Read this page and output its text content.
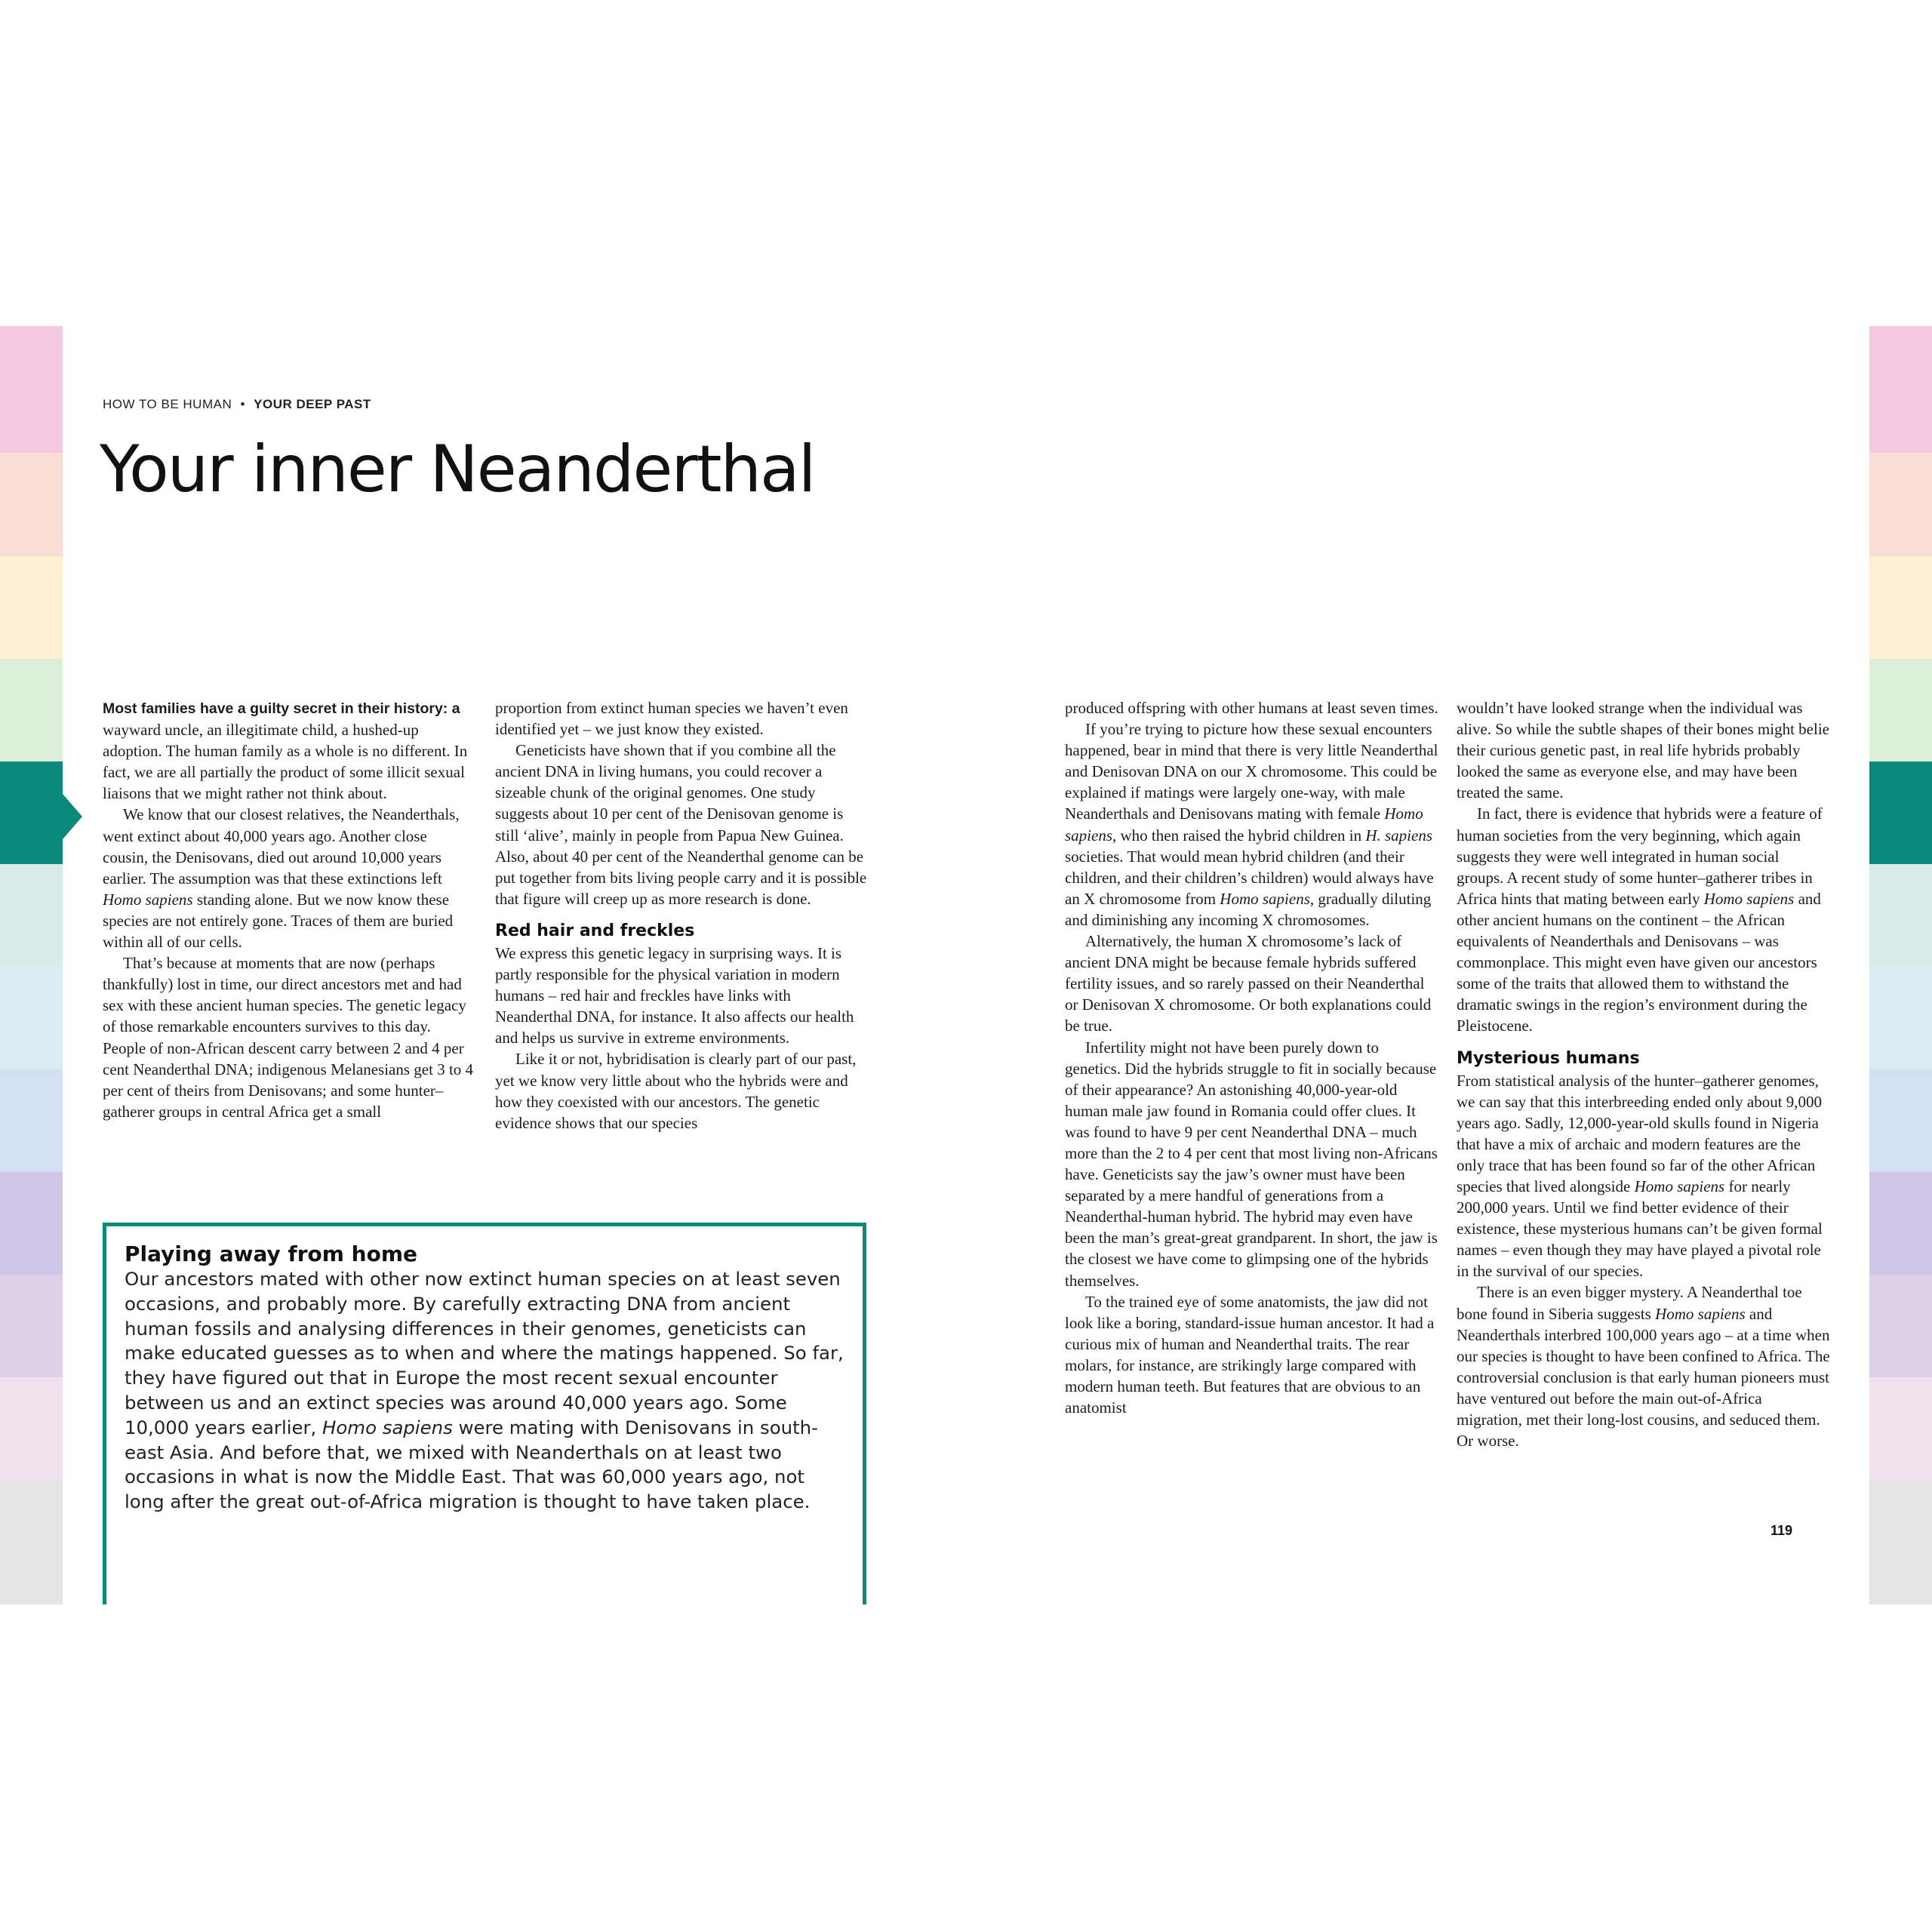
HOW TO BE HUMAN • YOUR DEEP PAST
Your inner Neanderthal

Most families have a guilty secret in their history: a wayward uncle, an illegitimate child, a hushed-up adoption. The human family as a whole is no different. In fact, we are all partially the product of some illicit sexual liaisons that we might rather not think about.

We know that our closest relatives, the Neanderthals, went extinct about 40,000 years ago. Another close cousin, the Denisovans, died out around 10,000 years earlier. The assumption was that these extinctions left Homo sapiens standing alone. But we now know these species are not entirely gone. Traces of them are buried within all of our cells.

That’s because at moments that are now (perhaps thankfully) lost in time, our direct ancestors met and had sex with these ancient human species. The genetic legacy of those remarkable encounters survives to this day. People of non-African descent carry between 2 and 4 per cent Neanderthal DNA; indigenous Melanesians get 3 to 4 per cent of theirs from Denisovans; and some hunter–gatherer groups in central Africa get a small

proportion from extinct human species we haven’t even identified yet – we just know they existed.

Geneticists have shown that if you combine all the ancient DNA in living humans, you could recover a sizeable chunk of the original genomes. One study suggests about 10 per cent of the Denisovan genome is still ‘alive’, mainly in people from Papua New Guinea. Also, about 40 per cent of the Neanderthal genome can be put together from bits living people carry and it is possible that figure will creep up as more research is done.

Red hair and freckles

We express this genetic legacy in surprising ways. It is partly responsible for the physical variation in modern humans – red hair and freckles have links with Neanderthal DNA, for instance. It also affects our health and helps us survive in extreme environments.

Like it or not, hybridisation is clearly part of our past, yet we know very little about who the hybrids were and how they coexisted with our ancestors. The genetic evidence shows that our species

produced offspring with other humans at least seven times.

If you’re trying to picture how these sexual encounters happened, bear in mind that there is very little Neanderthal and Denisovan DNA on our X chromosome. This could be explained if matings were largely one-way, with male Neanderthals and Denisovans mating with female Homo sapiens, who then raised the hybrid children in H. sapiens societies. That would mean hybrid children (and their children, and their children’s children) would always have an X chromosome from Homo sapiens, gradually diluting and diminishing any incoming X chromosomes.

Alternatively, the human X chromosome’s lack of ancient DNA might be because female hybrids suffered fertility issues, and so rarely passed on their Neanderthal or Denisovan X chromosome. Or both explanations could be true.

Infertility might not have been purely down to genetics. Did the hybrids struggle to fit in socially because of their appearance? An astonishing 40,000-year-old human male jaw found in Romania could offer clues. It was found to have 9 per cent Neanderthal DNA – much more than the 2 to 4 per cent that most living non-Africans have. Geneticists say the jaw’s owner must have been separated by a mere handful of generations from a Neanderthal-human hybrid. The hybrid may even have been the man’s great-great grandparent. In short, the jaw is the closest we have come to glimpsing one of the hybrids themselves.

To the trained eye of some anatomists, the jaw did not look like a boring, standard-issue human ancestor. It had a curious mix of human and Neanderthal traits. The rear molars, for instance, are strikingly large compared with modern human teeth. But features that are obvious to an anatomist

wouldn’t have looked strange when the individual was alive. So while the subtle shapes of their bones might belie their curious genetic past, in real life hybrids probably looked the same as everyone else, and may have been treated the same.

In fact, there is evidence that hybrids were a feature of human societies from the very beginning, which again suggests they were well integrated in human social groups. A recent study of some hunter–gatherer tribes in Africa hints that mating between early Homo sapiens and other ancient humans on the continent – the African equivalents of Neanderthals and Denisovans – was commonplace. This might even have given our ancestors some of the traits that allowed them to withstand the dramatic swings in the region’s environment during the Pleistocene.

Mysterious humans

From statistical analysis of the hunter–gatherer genomes, we can say that this interbreeding ended only about 9,000 years ago. Sadly, 12,000-year-old skulls found in Nigeria that have a mix of archaic and modern features are the only trace that has been found so far of the other African species that lived alongside Homo sapiens for nearly 200,000 years. Until we find better evidence of their existence, these mysterious humans can’t be given formal names – even though they may have played a pivotal role in the survival of our species.

There is an even bigger mystery. A Neanderthal toe bone found in Siberia suggests Homo sapiens and Neanderthals interbred 100,000 years ago – at a time when our species is thought to have been confined to Africa. The controversial conclusion is that early human pioneers must have ventured out before the main out-of-Africa migration, met their long-lost cousins, and seduced them. Or worse.

Playing away from home

Our ancestors mated with other now extinct human species on at least seven occasions, and probably more. By carefully extracting DNA from ancient human fossils and analysing differences in their genomes, geneticists can make educated guesses as to when and where the matings happened. So far, they have figured out that in Europe the most recent sexual encounter between us and an extinct species was around 40,000 years ago. Some 10,000 years earlier, Homo sapiens were mating with Denisovans in south-east Asia. And before that, we mixed with Neanderthals on at least two occasions in what is now the Middle East. That was 60,000 years ago, not long after the great out-of-Africa migration is thought to have taken place.

119
